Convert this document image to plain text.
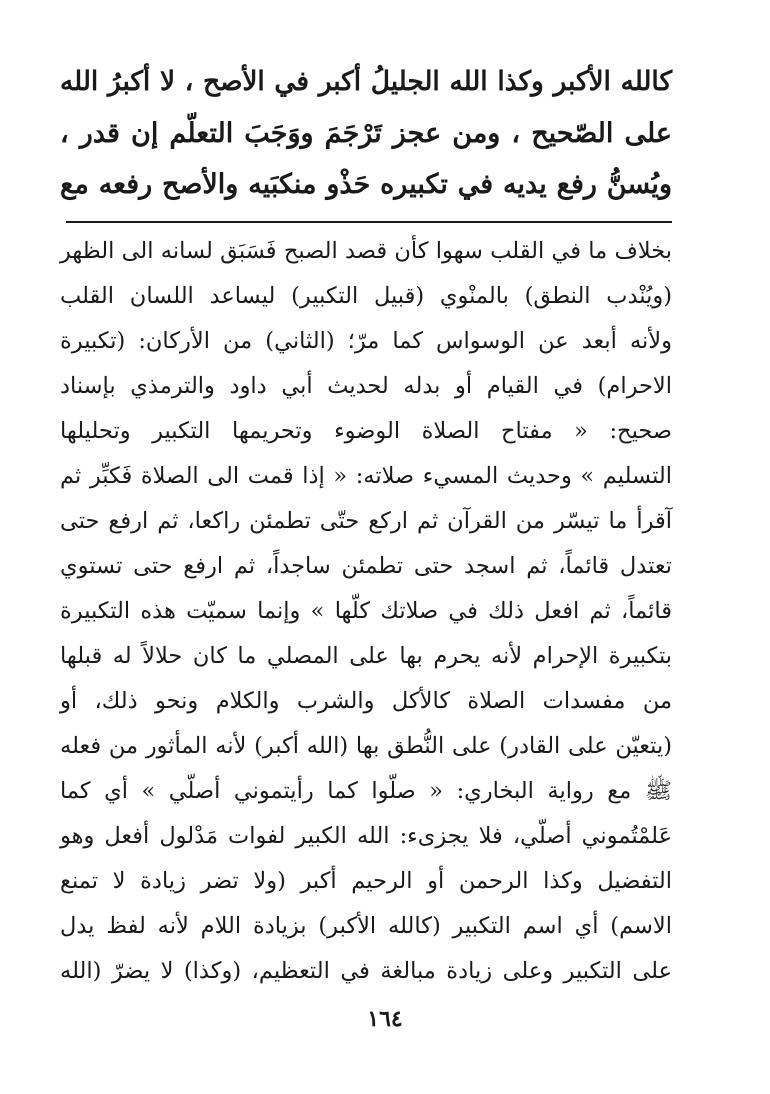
كالله الأكبر وكذا الله الجليلُ أكبر في الأصح ، لا أكبرُ الله
على الصّحيح ، ومن عجز تَرْجَمَ ووَجَبَ التعلّم إن قدر ،
ويُسنُّ رفع يديه في تكبيره حَذْو منكبَيه والأصح رفعه مع
بخلاف ما في القلب سهوا كأن قصد الصبح فَسَبَق لسانه الى الظهر
(ويُنْدب النطق) بالمنْوي (قبيل التكبير) ليساعد اللسان القلب
ولأنه أبعد عن الوسواس كما مرّ؛ (الثاني) من الأركان: (تكبيرة
الاحرام) في القيام أو بدله لحديث أبي داود والترمذي بإسناد
صحيح: « مفتاح الصلاة الوضوء وتحريمها التكبير وتحليلها
التسليم » وحديث المسيء صلاته: « إذا قمت الى الصلاة فَكبِّر ثم
آقرأ ما تيسّر من القرآن ثم اركع حتّى تطمئن راكعا، ثم ارفع حتى
تعتدل قائماً، ثم اسجد حتى تطمئن ساجداً، ثم ارفع حتى تستوي
قائماً، ثم افعل ذلك في صلاتك كلّها » وإنما سميّت هذه التكبيرة
بتكبيرة الإحرام لأنه يحرم بها على المصلي ما كان حلالاً له قبلها
من مفسدات الصلاة كالأكل والشرب والكلام ونحو ذلك، أو
(يتعيّن على القادر) على النُّطق بها (الله أكبر) لأنه المأثور من فعله
ﷺ مع رواية البخاري: « صلّوا كما رأيتموني أصلّي » أي كما
عَلمْتُموني أصلّي، فلا يجزىء: الله الكبير لفوات مَدْلول أفعل وهو
التفضيل وكذا الرحمن أو الرحيم أكبر (ولا تضر زيادة لا تمنع
الاسم) أي اسم التكبير (كالله الأكبر) بزيادة اللام لأنه لفظ يدل
على التكبير وعلى زيادة مبالغة في التعظيم، (وكذا) لا يضرّ (الله
١٦٤
